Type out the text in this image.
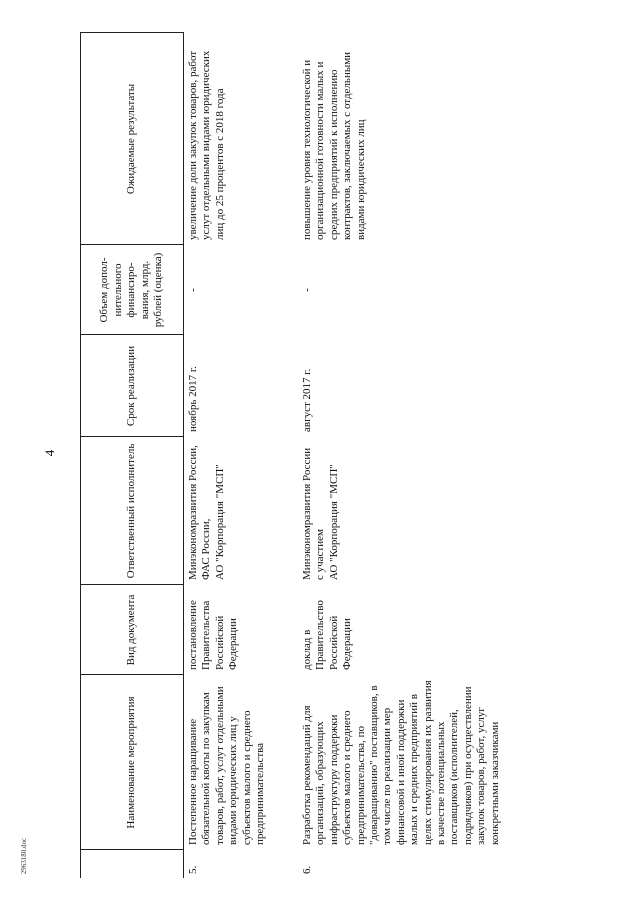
4
	Наименование мероприятия	Вид документа	Ответственный исполнитель	Срок реализации	Объем допол-нительного финансиро-вания, млрд. рублей (оценка)	Ожидаемые результаты
5.	Постепенное наращивание обязательной квоты по закупкам товаров, работ, услут отдельными видами юридических лиц у субъектов малого и среднего предпринимательства	постановление Правительства Российской Федерации	Минэкономразвития России,
ФАС России,
АО "Корпорация "МСП"	ноябрь 2017 г.	-	увеличение доли закупок товаров, работ услут отдельными видами юридических лиц до 25 процентов с 2018 года
6.	Разработка рекомендаций для организаций, образующих инфраструктуру поддержки субъектов малого и среднего предпринимательства, по "доваращиванию" поставщиков, в том числе по реализации мер финансовой и иной поддержки малых и средних предприятий в целях стимулирования их развития в качестве потенциальных поставщиков (исполнителей, подрядчиков) при осуществлении закупок товаров, работ, услуг конкретными заказчиками	доклад в Правительство Российской Федерации	Минэкономразвития России с участием
АО "Корпорация "МСП"	август 2017 г.	-	повышение уровня технологической и организационной готовности малых и средних предприятий к исполнению контрактов, заключаемых с отдельными видами юридических лиц
2963180.doc
